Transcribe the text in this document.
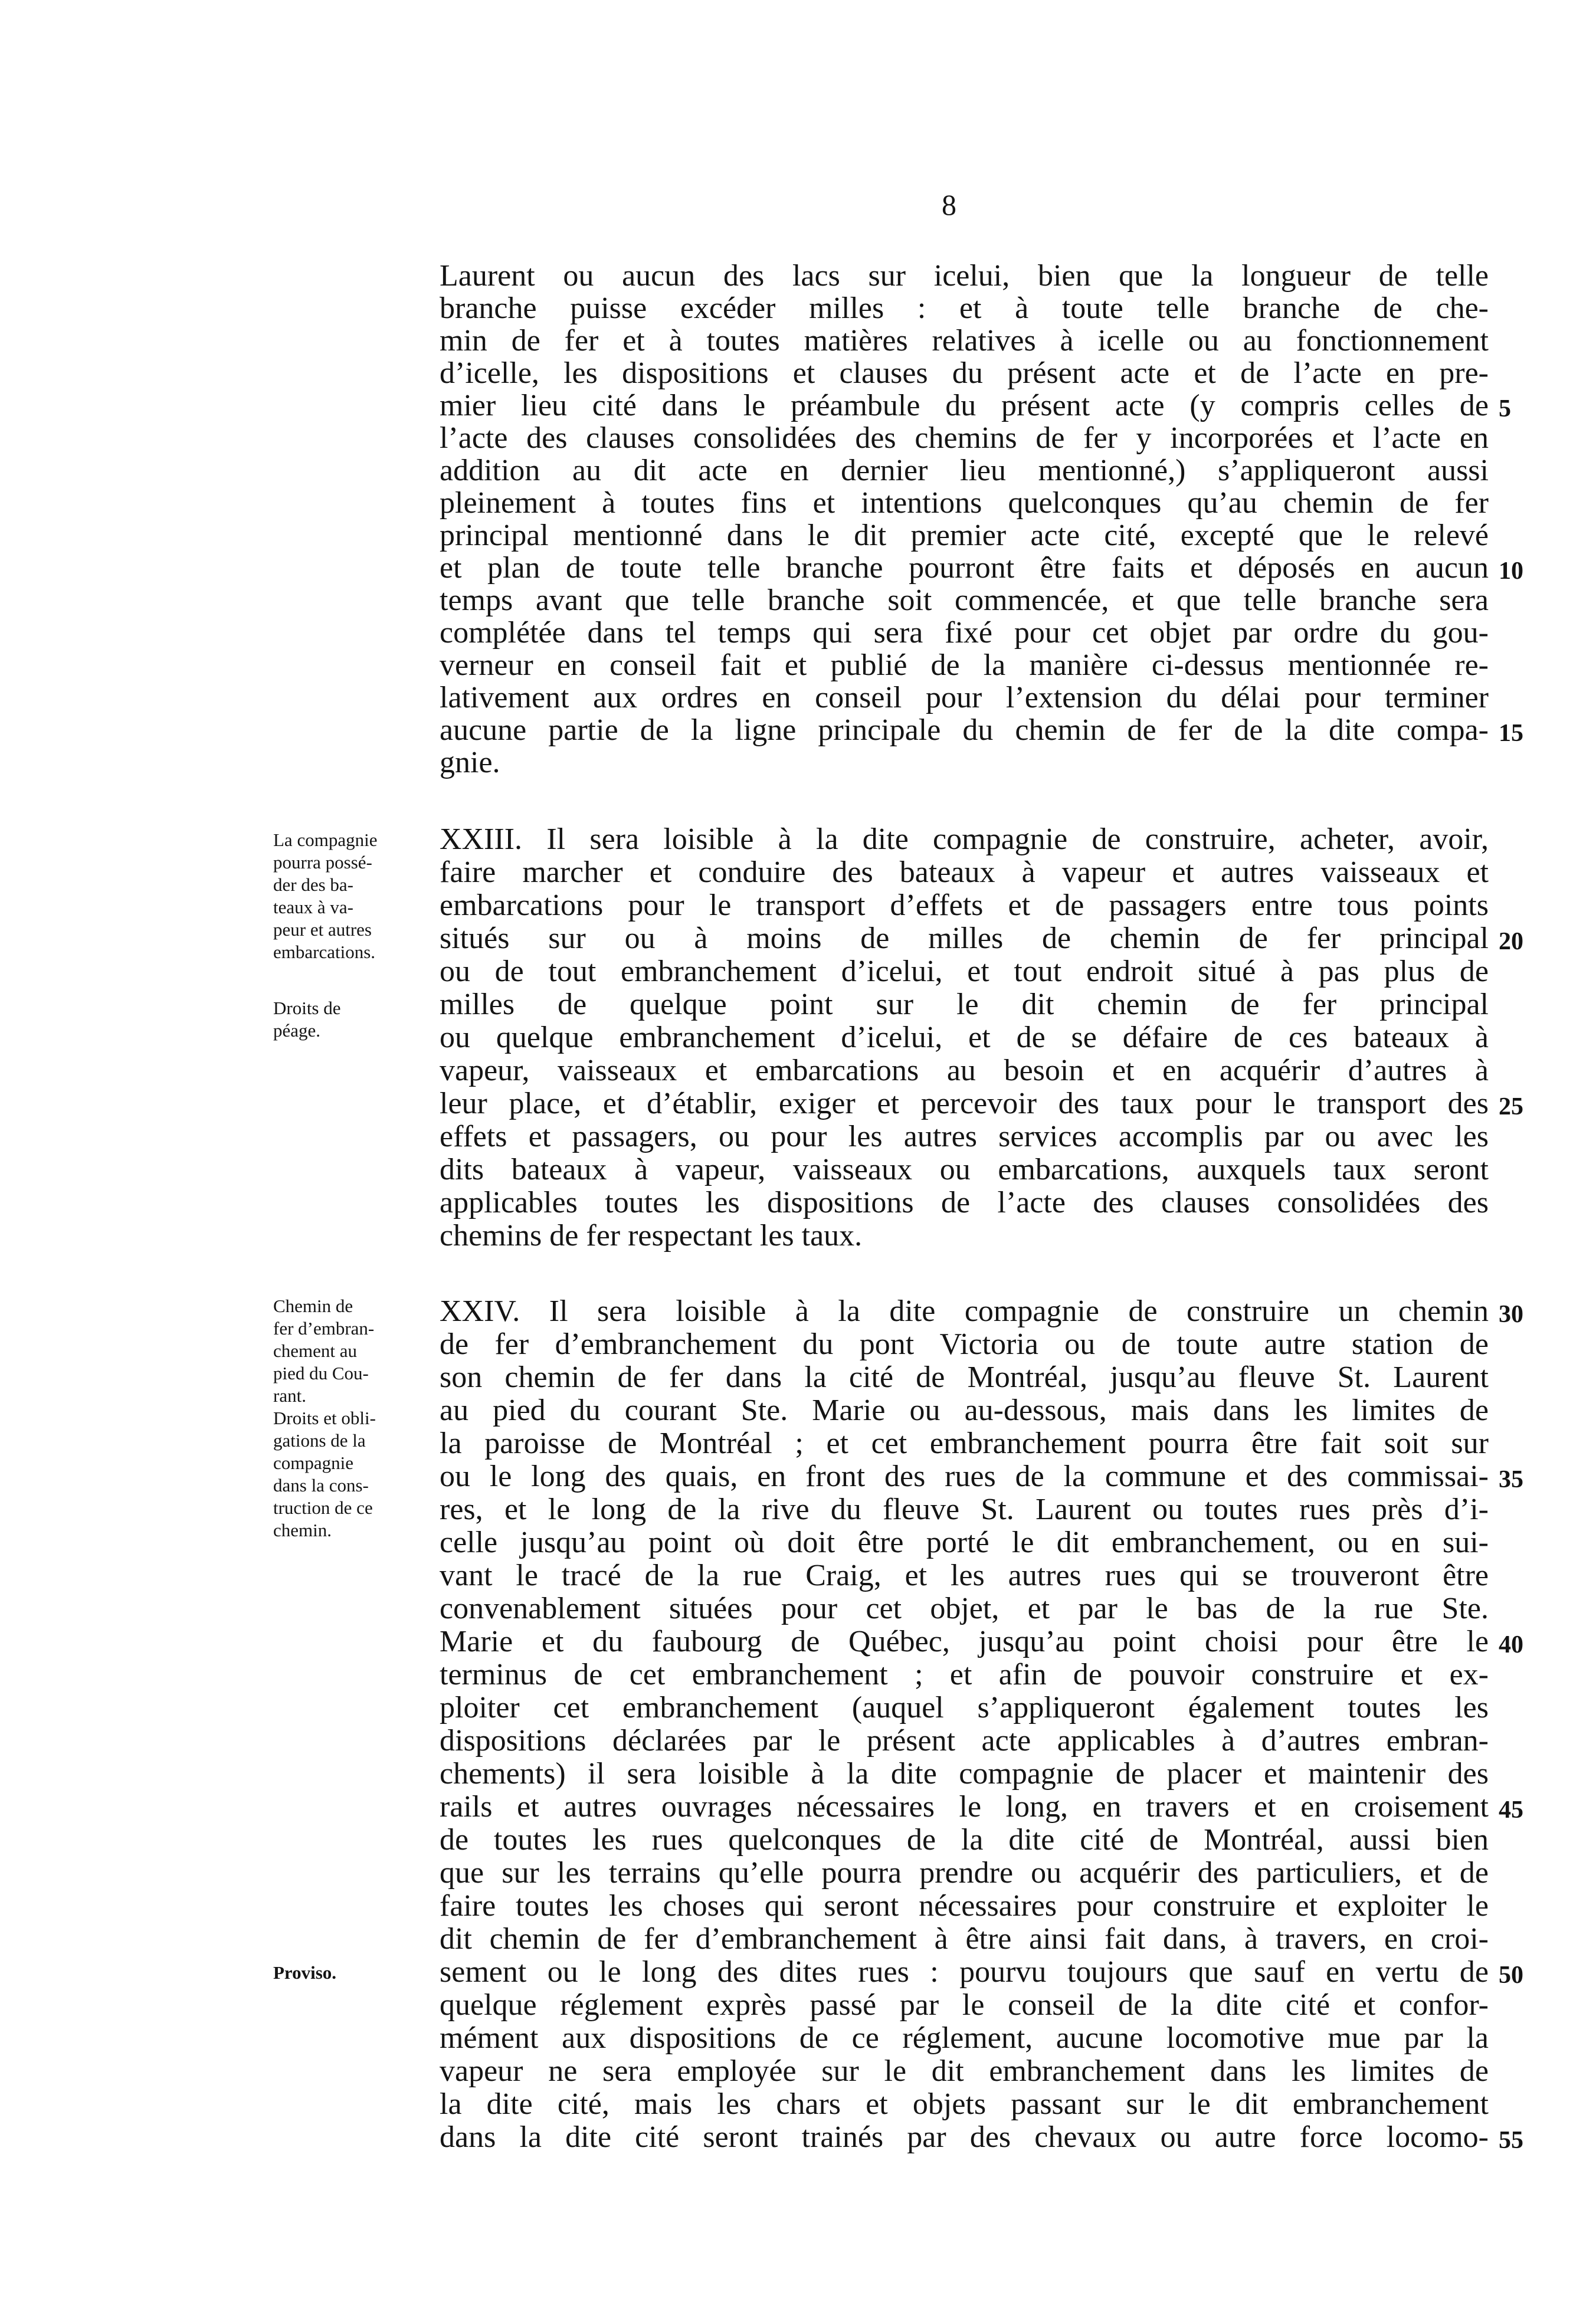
8
Laurent ou aucun des lacs sur icelui, bien que la longueur de telle
branche puisse excéder milles : et à toute telle branche de che-
min de fer et à toutes matières relatives à icelle ou au fonctionnement
d’icelle, les dispositions et clauses du présent acte et de l’acte en pre-
mier lieu cité dans le préambule du présent acte (y compris celles de
l’acte des clauses consolidées des chemins de fer y incorporées et l’acte en
addition au dit acte en dernier lieu mentionné,) s’appliqueront aussi
pleinement à toutes fins et intentions quelconques qu’au chemin de fer
principal mentionné dans le dit premier acte cité, excepté que le relevé
et plan de toute telle branche pourront être faits et déposés en aucun
temps avant que telle branche soit commencée, et que telle branche sera
complétée dans tel temps qui sera fixé pour cet objet par ordre du gou-
verneur en conseil fait et publié de la manière ci-dessus mentionnée re-
lativement aux ordres en conseil pour l’extension du délai pour terminer
aucune partie de la ligne principale du chemin de fer de la dite compa-
gnie.
XXIII. Il sera loisible à la dite compagnie de construire, acheter, avoir,
faire marcher et conduire des bateaux à vapeur et autres vaisseaux et
embarcations pour le transport d’effets et de passagers entre tous points
situés sur ou à moins de milles de chemin de fer principal
ou de tout embranchement d’icelui, et tout endroit situé à pas plus de
milles de quelque point sur le dit chemin de fer principal
ou quelque embranchement d’icelui, et de se défaire de ces bateaux à
vapeur, vaisseaux et embarcations au besoin et en acquérir d’autres à
leur place, et d’établir, exiger et percevoir des taux pour le transport des
effets et passagers, ou pour les autres services accomplis par ou avec les
dits bateaux à vapeur, vaisseaux ou embarcations, auxquels taux seront
applicables toutes les dispositions de l’acte des clauses consolidées des
chemins de fer respectant les taux.
XXIV. Il sera loisible à la dite compagnie de construire un chemin
de fer d’embranchement du pont Victoria ou de toute autre station de
son chemin de fer dans la cité de Montréal, jusqu’au fleuve St. Laurent
au pied du courant Ste. Marie ou au-dessous, mais dans les limites de
la paroisse de Montréal ; et cet embranchement pourra être fait soit sur
ou le long des quais, en front des rues de la commune et des commissai-
res, et le long de la rive du fleuve St. Laurent ou toutes rues près d’i-
celle jusqu’au point où doit être porté le dit embranchement, ou en sui-
vant le tracé de la rue Craig, et les autres rues qui se trouveront être
convenablement situées pour cet objet, et par le bas de la rue Ste.
Marie et du faubourg de Québec, jusqu’au point choisi pour être le
terminus de cet embranchement ; et afin de pouvoir construire et ex-
ploiter cet embranchement (auquel s’appliqueront également toutes les
dispositions déclarées par le présent acte applicables à d’autres embran-
chements) il sera loisible à la dite compagnie de placer et maintenir des
rails et autres ouvrages nécessaires le long, en travers et en croisement
de toutes les rues quelconques de la dite cité de Montréal, aussi bien
que sur les terrains qu’elle pourra prendre ou acquérir des particuliers, et de
faire toutes les choses qui seront nécessaires pour construire et exploiter le
dit chemin de fer d’embranchement à être ainsi fait dans, à travers, en croi-
sement ou le long des dites rues : pourvu toujours que sauf en vertu de
quelque réglement exprès passé par le conseil de la dite cité et confor-
mément aux dispositions de ce réglement, aucune locomotive mue par la
vapeur ne sera employée sur le dit embranchement dans les limites de
la dite cité, mais les chars et objets passant sur le dit embranchement
dans la dite cité seront trainés par des chevaux ou autre force locomo-
La compagnie
pourra possé-
der des ba-
teaux à va-
peur et autres
embarcations.
Droits de
péage.
Chemin de
fer d’embran-
chement au
pied du Cou-
rant.
Droits et obli-
gations de la
compagnie
dans la cons-
truction de ce
chemin.
Proviso.
5
10
15
20
25
30
35
40
45
50
55
